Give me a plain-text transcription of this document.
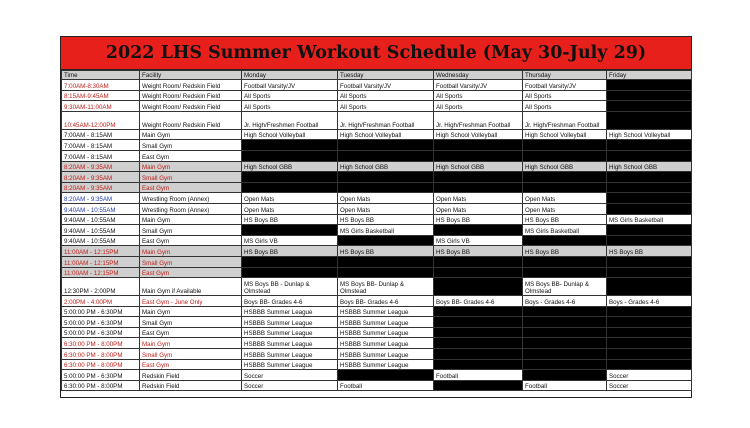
2022 LHS Summer Workout Schedule (May 30-July 29)
Time	Facility	Monday	Tuesday	Wednesday	Thursday	Friday
7:00AM-8:30AM	Weight Room/ Redskin Field	Football Varsity/JV	Football Varsity/JV	Football Varsity/JV	Football Varsity/JV	
8:15AM-9:45AM	Weight Room/ Redskin Field	All Sports	All Sports	All Sports	All Sports	
9:30AM-11:00AM	Weight Room/ Redskin Field	All Sports	All Sports	All Sports	All Sports	
10:45AM-12:00PM	Weight Room/ Redskin Field	Jr. High/Freshmen Football	Jr. High/Freshman Football	Jr. High/Freshman Football	Jr. High/Freshman Football	
7:00AM - 8:15AM	Main Gym	High School Volleyball	High School Volleyball	High School Volleyball	High School Volleyball	High School Volleyball
7:00AM - 8:15AM	Small Gym					
7:00AM - 8:15AM	East Gym					
8:20AM - 9:35AM	Main Gym	High School GBB	High School GBB	High School GBB	High School GBB	High School GBB
8:20AM - 9:35AM	Small Gym					
8:20AM - 9:35AM	East Gym					
8:20AM - 9:35AM	Wrestling Room (Annex)	Open Mats	Open Mats	Open Mats	Open Mats	
9:40AM - 10:55AM	Wrestling Room (Annex)	Open Mats	Open Mats	Open Mats	Open Mats	
9:40AM - 10:55AM	Main Gym	HS Boys BB	HS Boys BB	HS Boys BB	HS Boys BB	MS Girls Basketball
9:40AM - 10:55AM	Small Gym		MS Girls Basketball		MS Girls Basketball	
9:40AM - 10:55AM	East Gym	MS Girls VB		MS Girls VB		
11:00AM - 12:15PM	Main Gym	HS Boys BB	HS Boys BB	HS Boys BB	HS Boys BB	HS Boys BB
11:00AM - 12:15PM	Small Gym					
11:00AM - 12:15PM	East Gym					
12:30PM - 2:00PM	Main Gym if Available	MS Boys BB - Dunlap & Olmstead	MS Boys BB- Dunlap & Olmstead		MS Boys BB- Dunlap & Olmstead	
2:00PM - 4:00PM	East Gym - June Only	Boys BB- Grades 4-6	Boys BB- Grades 4-6	Boys BB- Grades 4-6	Boys - Grades 4-6	Boys - Grades 4-6
5:00:00 PM - 6:30PM	Main Gym	HSBBB Summer League	HSBBB Summer League			
5:00:00 PM - 6:30PM	Small Gym	HSBBB Summer League	HSBBB Summer League			
5:00:00 PM - 6:30PM	East Gym	HSBBB Summer League	HSBBB Summer League			
6:30:00 PM - 8:00PM	Main Gym	HSBBB Summer League	HSBBB Summer League			
6:30:00 PM - 8:00PM	Small Gym	HSBBB Summer League	HSBBB Summer League			
6:30:00 PM - 8:00PM	East Gym	HSBBB Summer League	HSBBB Summer League			
5:00:00 PM - 6:30PM	Redskin Field	Soccer		Football		Soccer
6:30:00 PM - 8:00PM	Redskin Field	Soccer	Football		Football	Soccer
